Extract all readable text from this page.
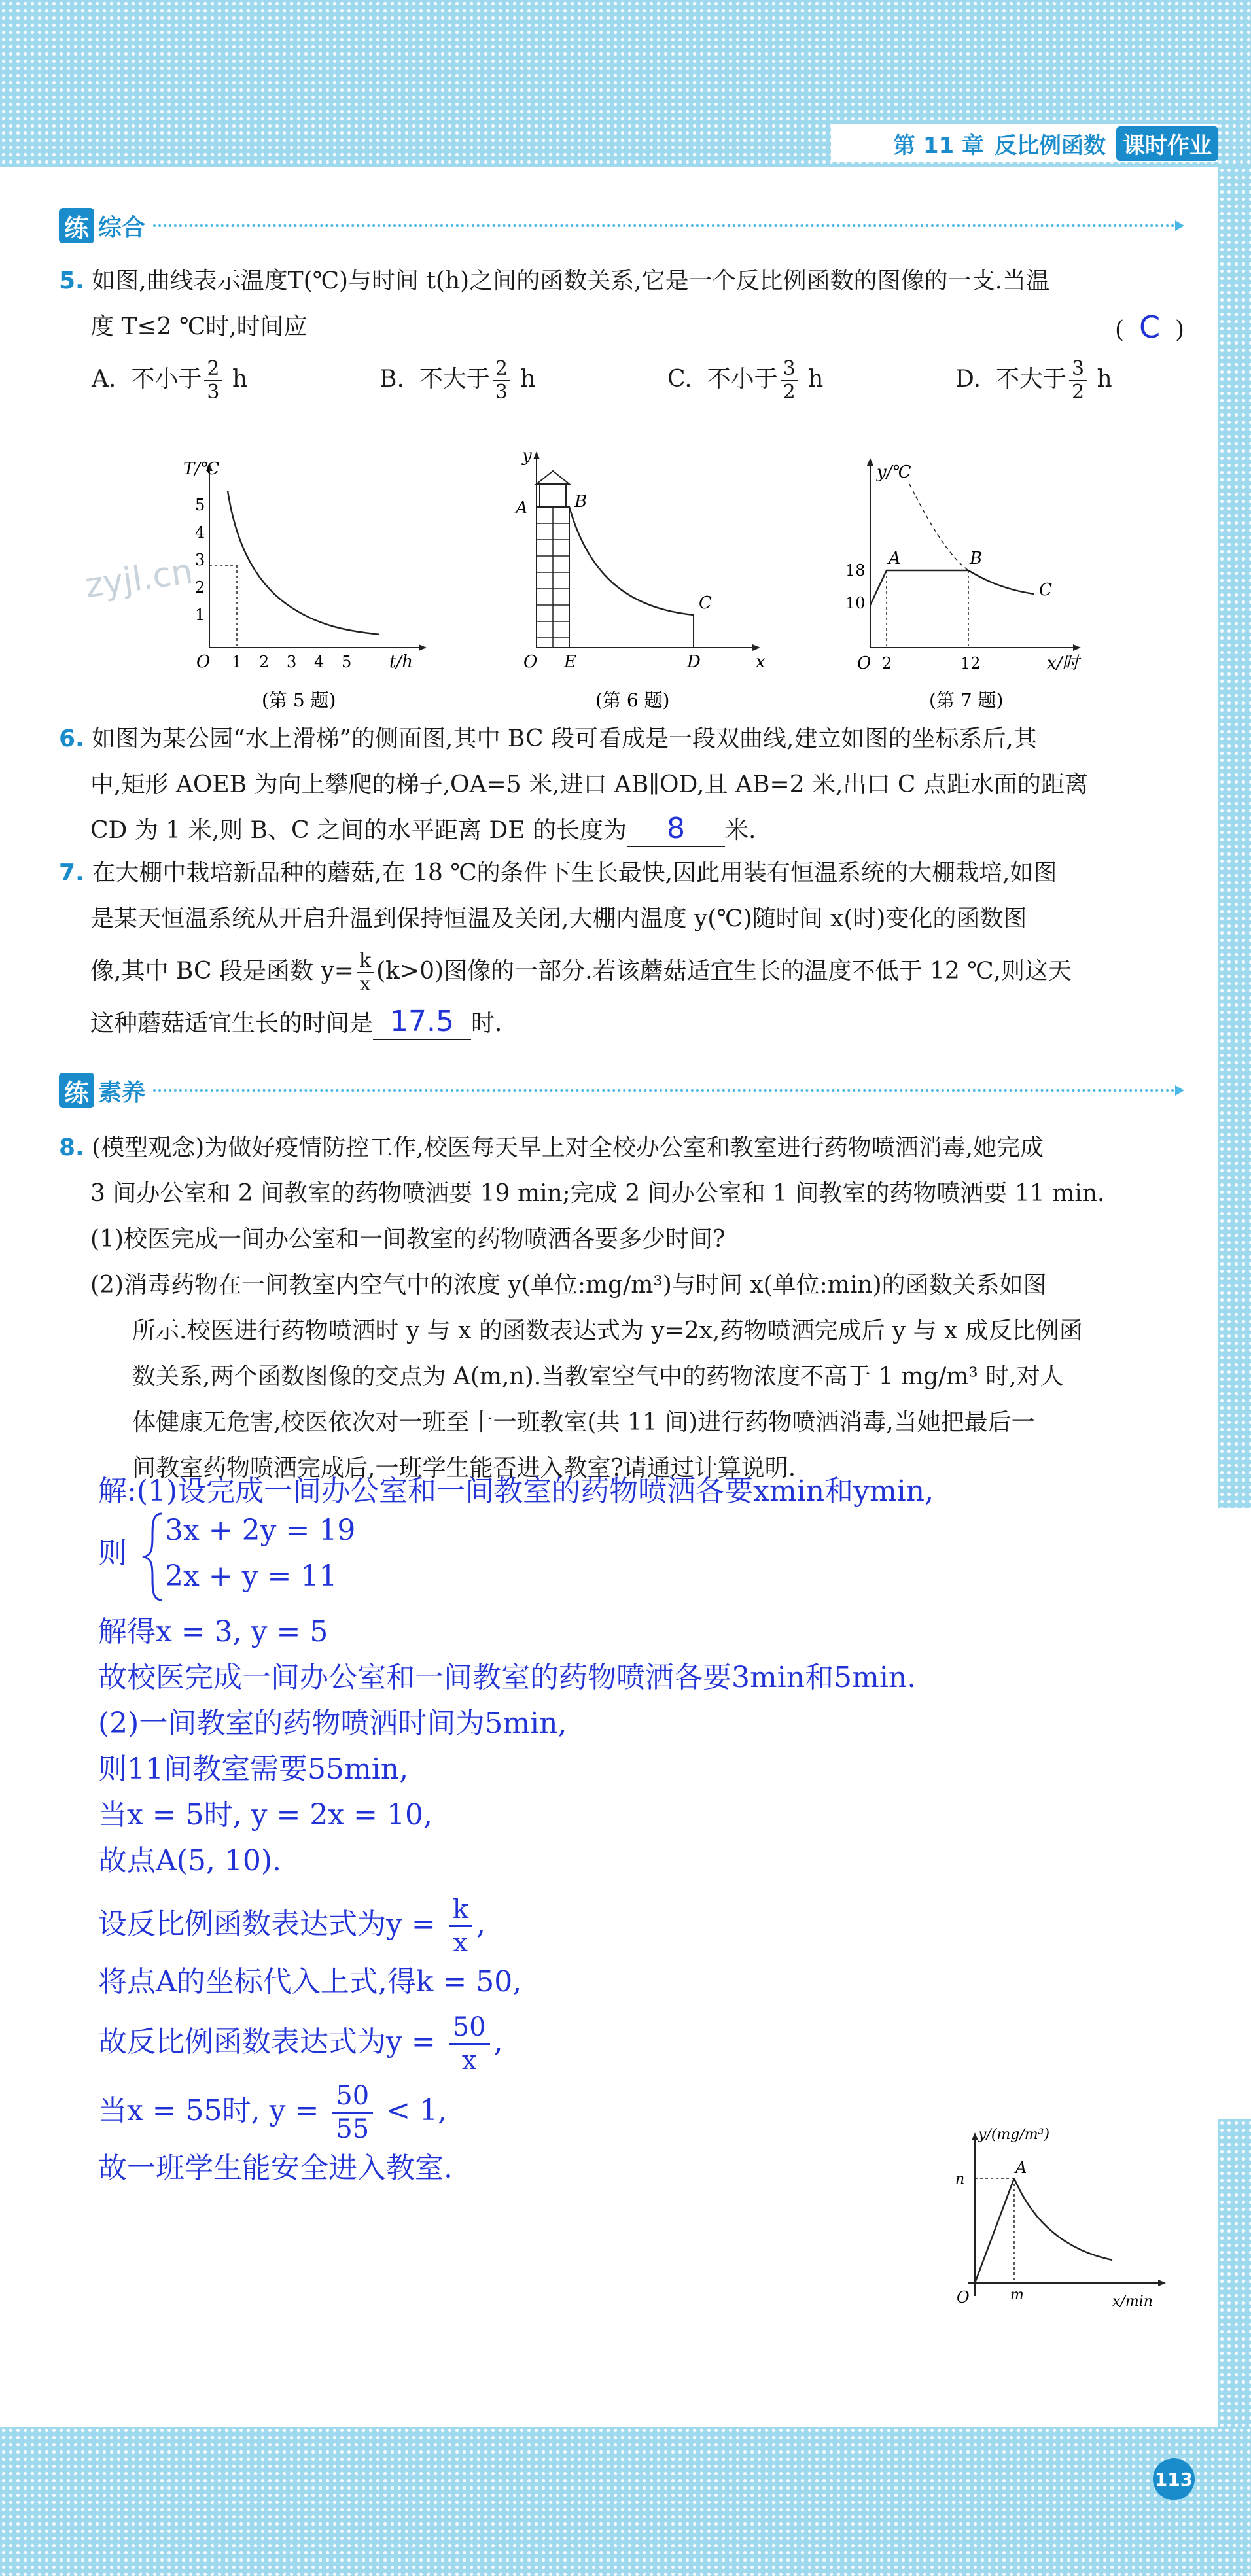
第 11 章 反比例函数 课时作业
练 综合
5. 如图,曲线表示温度T(℃)与时间 t(h)之间的函数关系,它是一个反比例函数的图像的一支.当温
度 T≤2 ℃时,时间应	( C )
A. 不小于 $\frac{2}{3}$ h	B. 不大于 $\frac{2}{3}$ h	C. 不小于 $\frac{3}{2}$ h	D. 不大于 $\frac{3}{2}$ h
T/℃
t/h
O
1
2
3
4
5
1 2 3 4 5
(第 5 题)
zyjl.cn
y
x
O
A	B
C
E	D
(第 6 题)
y/℃
x/时
O
10
18
2	12
A	B
C
(第 7 题)
6. 如图为某公园“水上滑梯”的侧面图,其中 BC 段可看成是一段双曲线,建立如图的坐标系后,其
中,矩形 AOEB 为向上攀爬的梯子,OA=5 米,进口 AB∥OD,且 AB=2 米,出口 C 点距水面的距离
CD 为 1 米,则 B、C 之间的水平距离 DE 的长度为 8 米.
7. 在大棚中栽培新品种的蘑菇,在 18 ℃的条件下生长最快,因此用装有恒温系统的大棚栽培,如图
是某天恒温系统从开启升温到保持恒温及关闭,大棚内温度 y(℃)随时间 x(时)变化的函数图
像,其中 BC 段是函数 $y= \frac{k}{x} (k>0)$图像的一部分.若该蘑菇适宜生长的温度不低于 12 ℃,则这天
这种蘑菇适宜生长的时间是 17.5 时.
练 素养
8. (模型观念)为做好疫情防控工作,校医每天早上对全校办公室和教室进行药物喷洒消毒,她完成
3 间办公室和 2 间教室的药物喷洒要 19 min;完成 2 间办公室和 1 间教室的药物喷洒要 11 min.
(1)校医完成一间办公室和一间教室的药物喷洒各要多少时间?
(2)消毒药物在一间教室内空气中的浓度 y(单位:mg/m³)与时间 x(单位:min)的函数关系如图
所示.校医进行药物喷洒时 y 与 x 的函数表达式为 y=2x,药物喷洒完成后 y 与 x 成反比例函
数关系,两个函数图像的交点为 A(m,n).当教室空气中的药物浓度不高于 1 mg/m³ 时,对人
体健康无危害,校医依次对一班至十一班教室(共 11 间)进行药物喷洒消毒,当她把最后一
间教室药物喷洒完成后,一班学生能否进入教室?请通过计算说明.
解:(1)设完成一间办公室和一间教室的药物喷洒各要xmin和ymin,
则
3x + 2y = 19
2x + y = 11
解得x = 3, y = 5
故校医完成一间办公室和一间教室的药物喷洒各要3min和5min.
(2)一间教室的药物喷洒时间为5min,
则11间教室需要55min,
当x = 5时, y = 2x = 10,
故点A(5, 10).
设反比例函数表达式为$y = \frac{k}{x}$ ,
将点A的坐标代入上式,得k = 50,
故反比例函数表达式为$y = \frac{50}{x}$ ,
当x = 55时, $y = \frac{50}{55} < 1$,
故一班学生能安全进入教室.
y/(mg/m³)
x/min
O
n
m
A
113
